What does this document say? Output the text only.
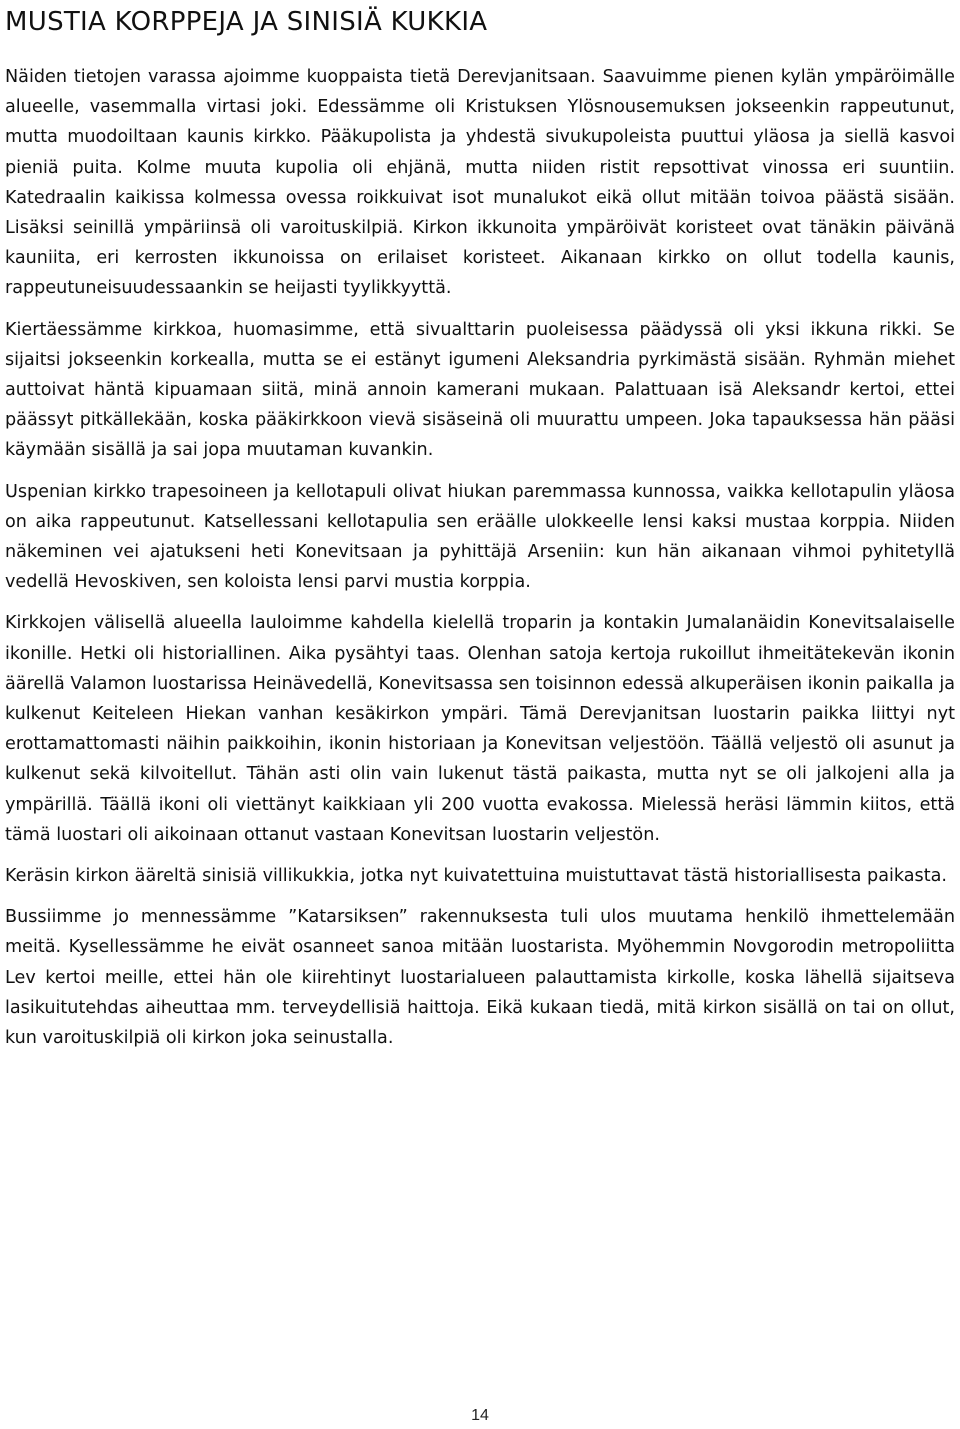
MUSTIA KORPPEJA JA SINISIÄ KUKKIA

Näiden tietojen varassa ajoimme kuoppaista tietä Derevjanitsaan. Saavuimme pienen kylän ympäröimälle alueelle, vasemmalla virtasi joki. Edessämme oli Kristuksen Ylösnousemuksen jokseenkin rappeutunut, mutta muodoiltaan kaunis kirkko. Pääkupolista ja yhdestä sivukupoleista puuttui yläosa ja siellä kasvoi pieniä puita. Kolme muuta kupolia oli ehjänä, mutta niiden ristit repsottivat vinossa eri suuntiin. Katedraalin kaikissa kolmessa ovessa roikkuivat isot munalukot eikä ollut mitään toivoa päästä sisään. Lisäksi seinillä ympäriinsä oli varoituskilpiä. Kirkon ikkunoita ympäröivät koristeet ovat tänäkin päivänä kauniita, eri kerrosten ikkunoissa on erilaiset koristeet. Aikanaan kirkko on ollut todella kaunis, rappeutuneisuudessaankin se heijasti tyylikkyyttä.

Kiertäessämme kirkkoa, huomasimme, että sivualttarin puoleisessa päädyssä oli yksi ikkuna rikki. Se sijaitsi jokseenkin korkealla, mutta se ei estänyt igumeni Aleksandria pyrkimästä sisään. Ryhmän miehet auttoivat häntä kipuamaan siitä, minä annoin kamerani mukaan. Palattuaan isä Aleksandr kertoi, ettei päässyt pitkällekään, koska pääkirkkoon vievä sisäseinä oli muurattu umpeen. Joka tapauksessa hän pääsi käymään sisällä ja sai jopa muutaman kuvankin.

Uspenian kirkko trapesoineen ja kellotapuli olivat hiukan paremmassa kunnossa, vaikka kellotapulin yläosa on aika rappeutunut. Katsellessani kellotapulia sen eräälle ulokkeelle lensi kaksi mustaa korppia. Niiden näkeminen vei ajatukseni heti Konevitsaan ja pyhittäjä Arseniin: kun hän aikanaan vihmoi pyhitetyllä vedellä Hevoskiven, sen koloista lensi parvi mustia korppia.

Kirkkojen välisellä alueella lauloimme kahdella kielellä troparin ja kontakin Jumalanäidin Konevitsalaiselle ikonille. Hetki oli historiallinen. Aika pysähtyi taas. Olenhan satoja kertoja rukoillut ihmeitätekevän ikonin äärellä Valamon luostarissa Heinävedellä, Konevitsassa sen toisinnon edessä alkuperäisen ikonin paikalla ja kulkenut Keiteleen Hiekan vanhan kesäkirkon ympäri. Tämä Derevjanitsan luostarin paikka liittyi nyt erottamattomasti näihin paikkoihin, ikonin historiaan ja Konevitsan veljestöön. Täällä veljestö oli asunut ja kulkenut sekä kilvoitellut. Tähän asti olin vain lukenut tästä paikasta, mutta nyt se oli jalkojeni alla ja ympärillä. Täällä ikoni oli viettänyt kaikkiaan yli 200 vuotta evakossa. Mielessä heräsi lämmin kiitos, että tämä luostari oli aikoinaan ottanut vastaan Konevitsan luostarin veljestön.

Keräsin kirkon ääreltä sinisiä villikukkia, jotka nyt kuivatettuina muistuttavat tästä historiallisesta paikasta.

Bussiimme jo mennessämme ”Katarsiksen” rakennuksesta tuli ulos muutama henkilö ihmettelemään meitä. Kysellessämme he eivät osanneet sanoa mitään luostarista. Myöhemmin Novgorodin metropoliitta Lev kertoi meille, ettei hän ole kiirehtinyt luostarialueen palauttamista kirkolle, koska lähellä sijaitseva lasikuitutehdas aiheuttaa mm. terveydellisiä haittoja. Eikä kukaan tiedä, mitä kirkon sisällä on tai on ollut, kun varoituskilpiä oli kirkon joka seinustalla.

14
